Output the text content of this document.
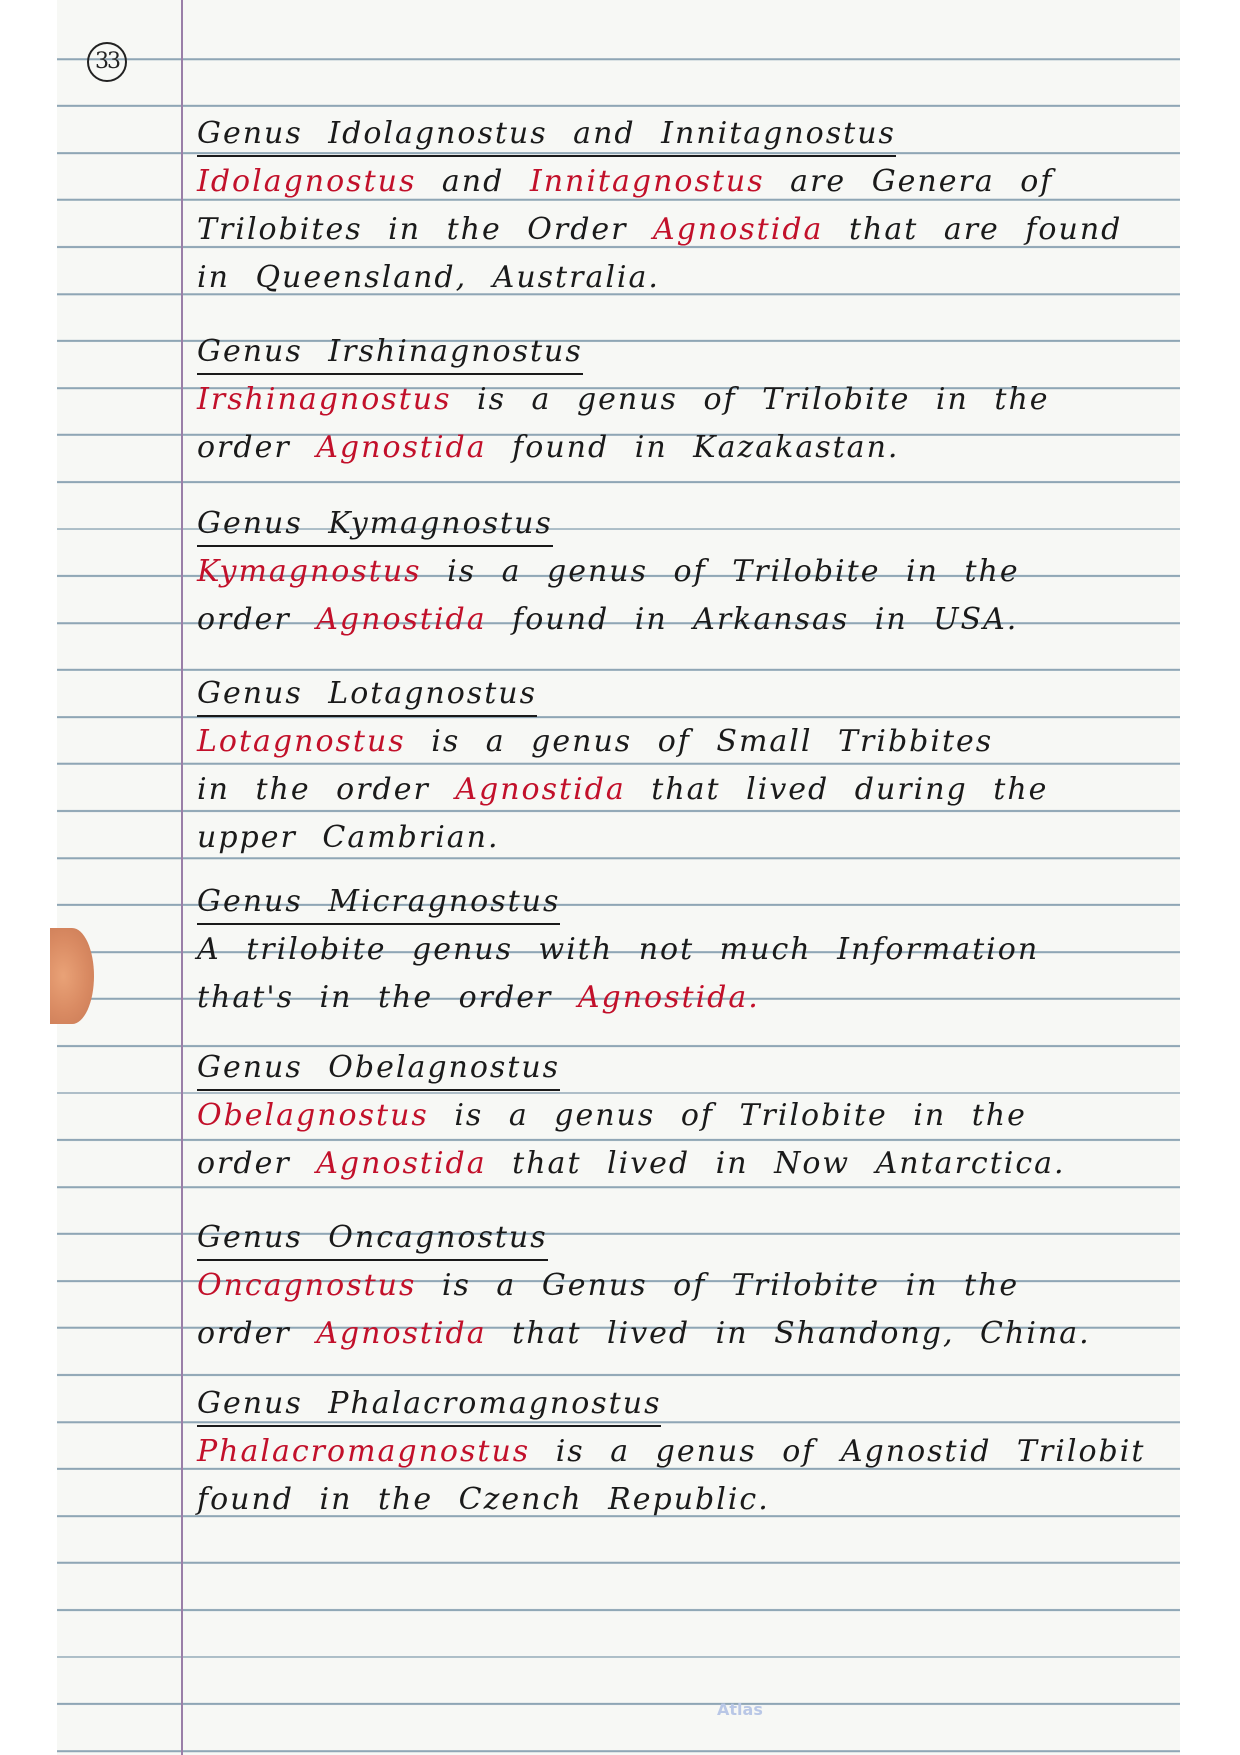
33
Genus Idolagnostus and Innitagnostus
Idolagnostus and Innitagnostus are Genera of
Trilobites in the Order Agnostida that are found
in Queensland, Australia.
Genus Irshinagnostus
Irshinagnostus is a genus of Trilobite in the
order Agnostida found in Kazakastan.
Genus Kymagnostus
Kymagnostus is a genus of Trilobite in the
order Agnostida found in Arkansas in USA.
Genus Lotagnostus
Lotagnostus is a genus of Small Tribbites
in the order Agnostida that lived during the
upper Cambrian.
Genus Micragnostus
A trilobite genus with not much Information
that's in the order Agnostida.
Genus Obelagnostus
Obelagnostus is a genus of Trilobite in the
order Agnostida that lived in Now Antarctica.
Genus Oncagnostus
Oncagnostus is a Genus of Trilobite in the
order Agnostida that lived in Shandong, China.
Genus Phalacromagnostus
Phalacromagnostus is a genus of Agnostid Trilobit
found in the Czench Republic.
Atlas
